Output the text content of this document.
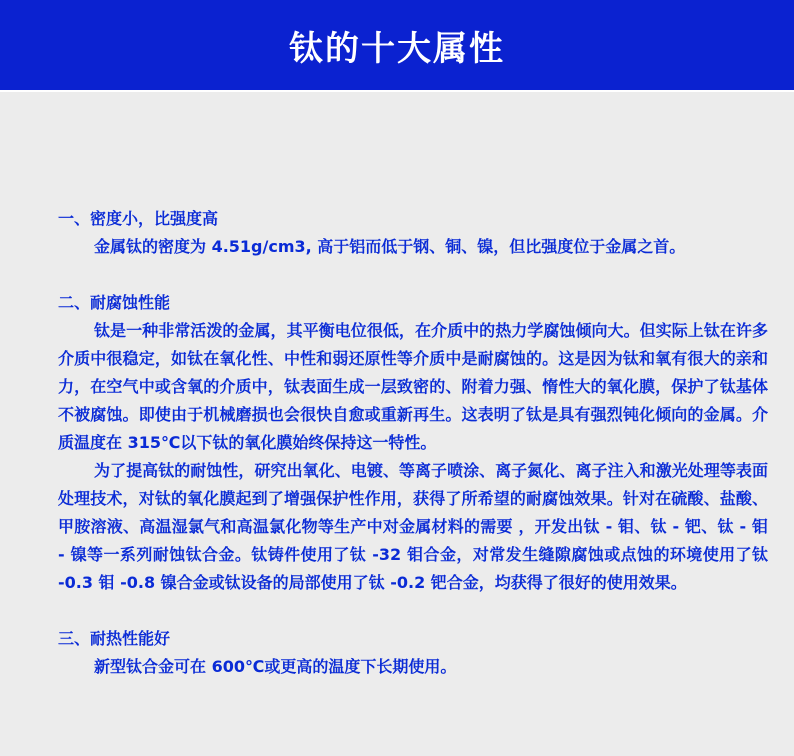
钛的十大属性

一、密度小，比强度高

金属钛的密度为 4.51g/cm3, 高于铝而低于钢、铜、镍，但比强度位于金属之首。

二、耐腐蚀性能

钛是一种非常活泼的金属，其平衡电位很低，在介质中的热力学腐蚀倾向大。但实际上钛在许多介质中很稳定，如钛在氧化性、中性和弱还原性等介质中是耐腐蚀的。这是因为钛和氧有很大的亲和力，在空气中或含氧的介质中，钛表面生成一层致密的、附着力强、惰性大的氧化膜，保护了钛基体不被腐蚀。即使由于机械磨损也会很快自愈或重新再生。这表明了钛是具有强烈钝化倾向的金属。介质温度在 315℃以下钛的氧化膜始终保持这一特性。

为了提高钛的耐蚀性，研究出氧化、电镀、等离子喷涂、离子氮化、离子注入和激光处理等表面处理技术，对钛的氧化膜起到了增强保护性作用，获得了所希望的耐腐蚀效果。针对在硫酸、盐酸、甲胺溶液、高温湿氯气和高温氯化物等生产中对金属材料的需要 ，开发出钛 - 钼、钛 - 钯、钛 - 钼 - 镍等一系列耐蚀钛合金。钛铸件使用了钛 -32 钼合金，对常发生缝隙腐蚀或点蚀的环境使用了钛 -0.3 钼 -0.8 镍合金或钛设备的局部使用了钛 -0.2 钯合金，均获得了很好的使用效果。

三、耐热性能好

新型钛合金可在 600℃或更高的温度下长期使用。
